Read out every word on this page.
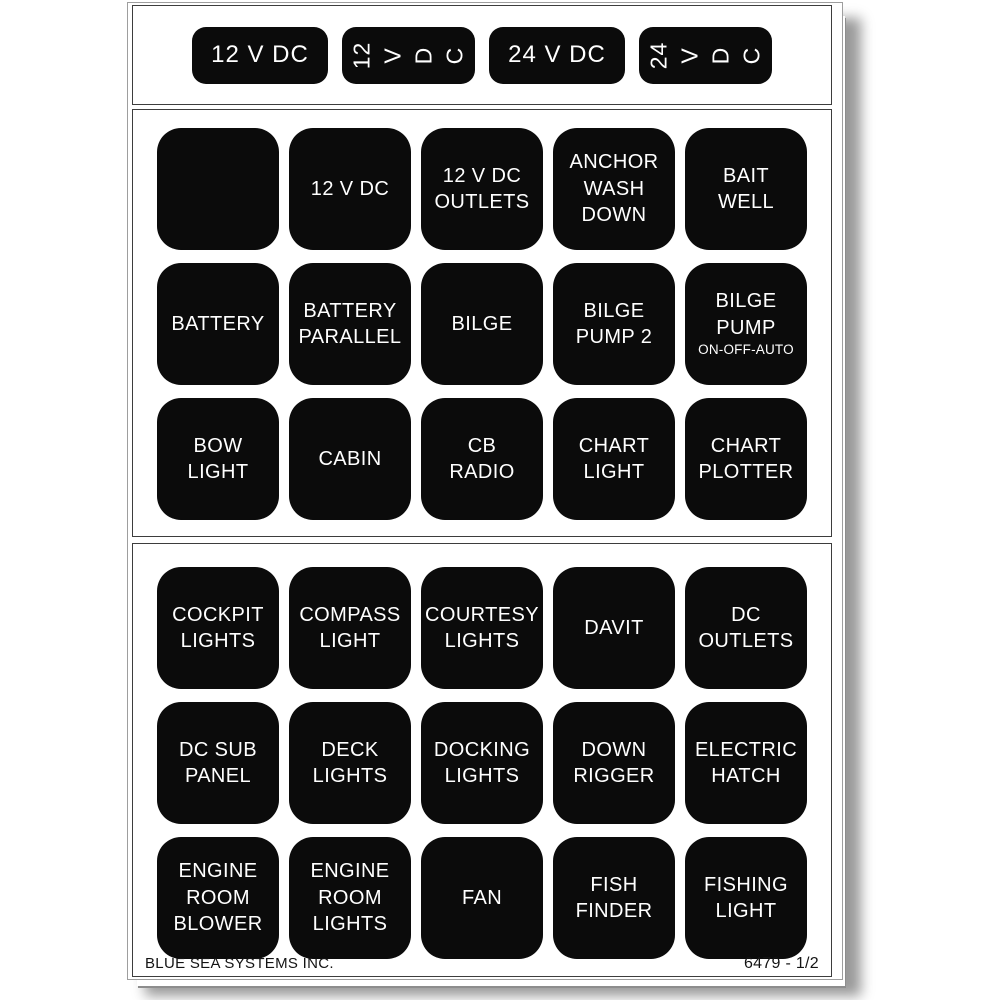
12 V DC 12 V D C 24 V DC 24 V D C
12 V DC
12 V DC
OUTLETS
ANCHOR
WASH
DOWN
BAIT
WELL
BATTERY
BATTERY
PARALLEL
BILGE
BILGE
PUMP 2
BILGE
PUMP
ON-OFF-AUTO
BOW
LIGHT
CABIN
CB
RADIO
CHART
LIGHT
CHART
PLOTTER
COCKPIT
LIGHTS
COMPASS
LIGHT
COURTESY
LIGHTS
DAVIT
DC
OUTLETS
DC SUB
PANEL
DECK
LIGHTS
DOCKING
LIGHTS
DOWN
RIGGER
ELECTRIC
HATCH
ENGINE
ROOM
BLOWER
ENGINE
ROOM
LIGHTS
FAN
FISH
FINDER
FISHING
LIGHT
BLUE SEA SYSTEMS INC.	6479 - 1/2
